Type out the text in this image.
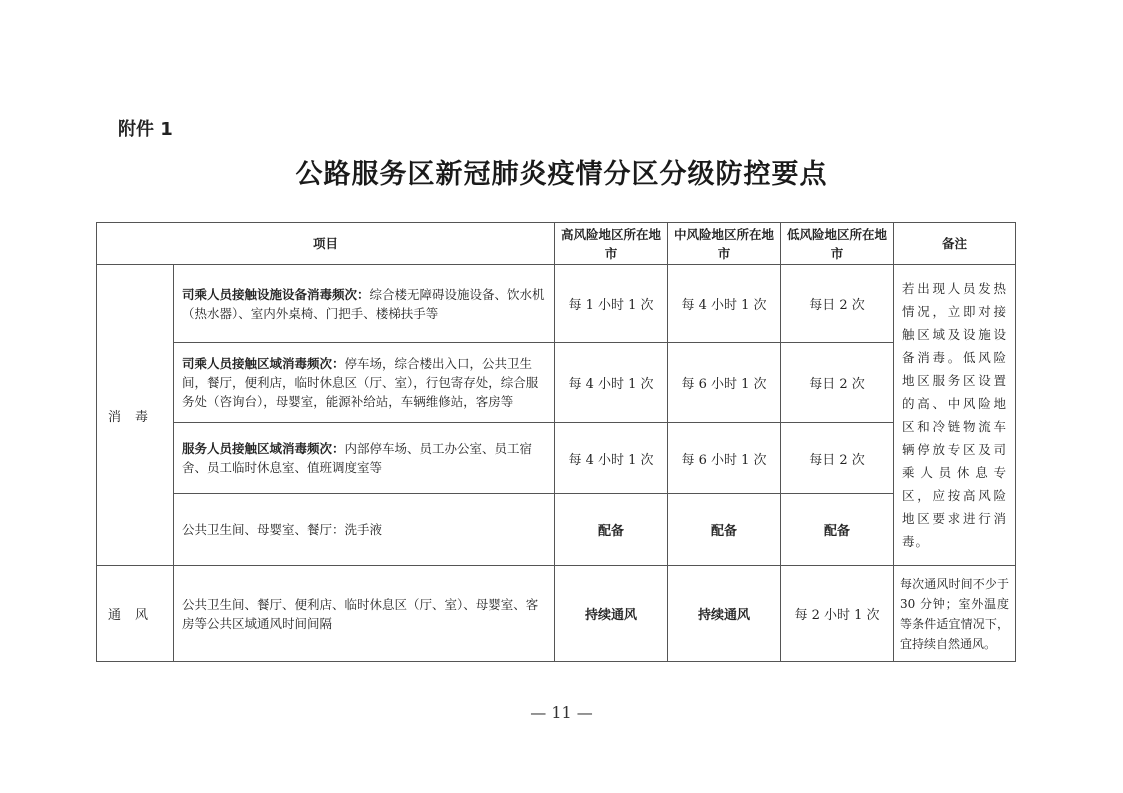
附件 1
公路服务区新冠肺炎疫情分区分级防控要点
项目		高风险地区所在地市	中风险地区所在地市	低风险地区所在地市	备注
消毒	司乘人员接触设施设备消毒频次：综合楼无障碍设施设备、饮水机（热水器）、室内外桌椅、门把手、楼梯扶手等	每 1 小时 1 次	每 4 小时 1 次	每日 2 次	若出现人员发热情况，立即对接触区域及设施设备消毒。低风险地区服务区设置的高、中风险地区和冷链物流车辆停放专区及司乘人员休息专区，应按高风险地区要求进行消毒。
	司乘人员接触区域消毒频次：停车场，综合楼出入口，公共卫生间，餐厅，便利店，临时休息区（厅、室），行包寄存处，综合服务处（咨询台），母婴室，能源补给站，车辆维修站，客房等	每 4 小时 1 次	每 6 小时 1 次	每日 2 次	
	服务人员接触区域消毒频次：内部停车场、员工办公室、员工宿舍、员工临时休息室、值班调度室等	每 4 小时 1 次	每 6 小时 1 次	每日 2 次	
	公共卫生间、母婴室、餐厅：洗手液	配备	配备	配备	
通风	公共卫生间、餐厅、便利店、临时休息区（厅、室）、母婴室、客房等公共区域通风时间间隔	持续通风	持续通风	每 2 小时 1 次	每次通风时间不少于 30 分钟；室外温度等条件适宜情况下，宜持续自然通风。
— 11 —
